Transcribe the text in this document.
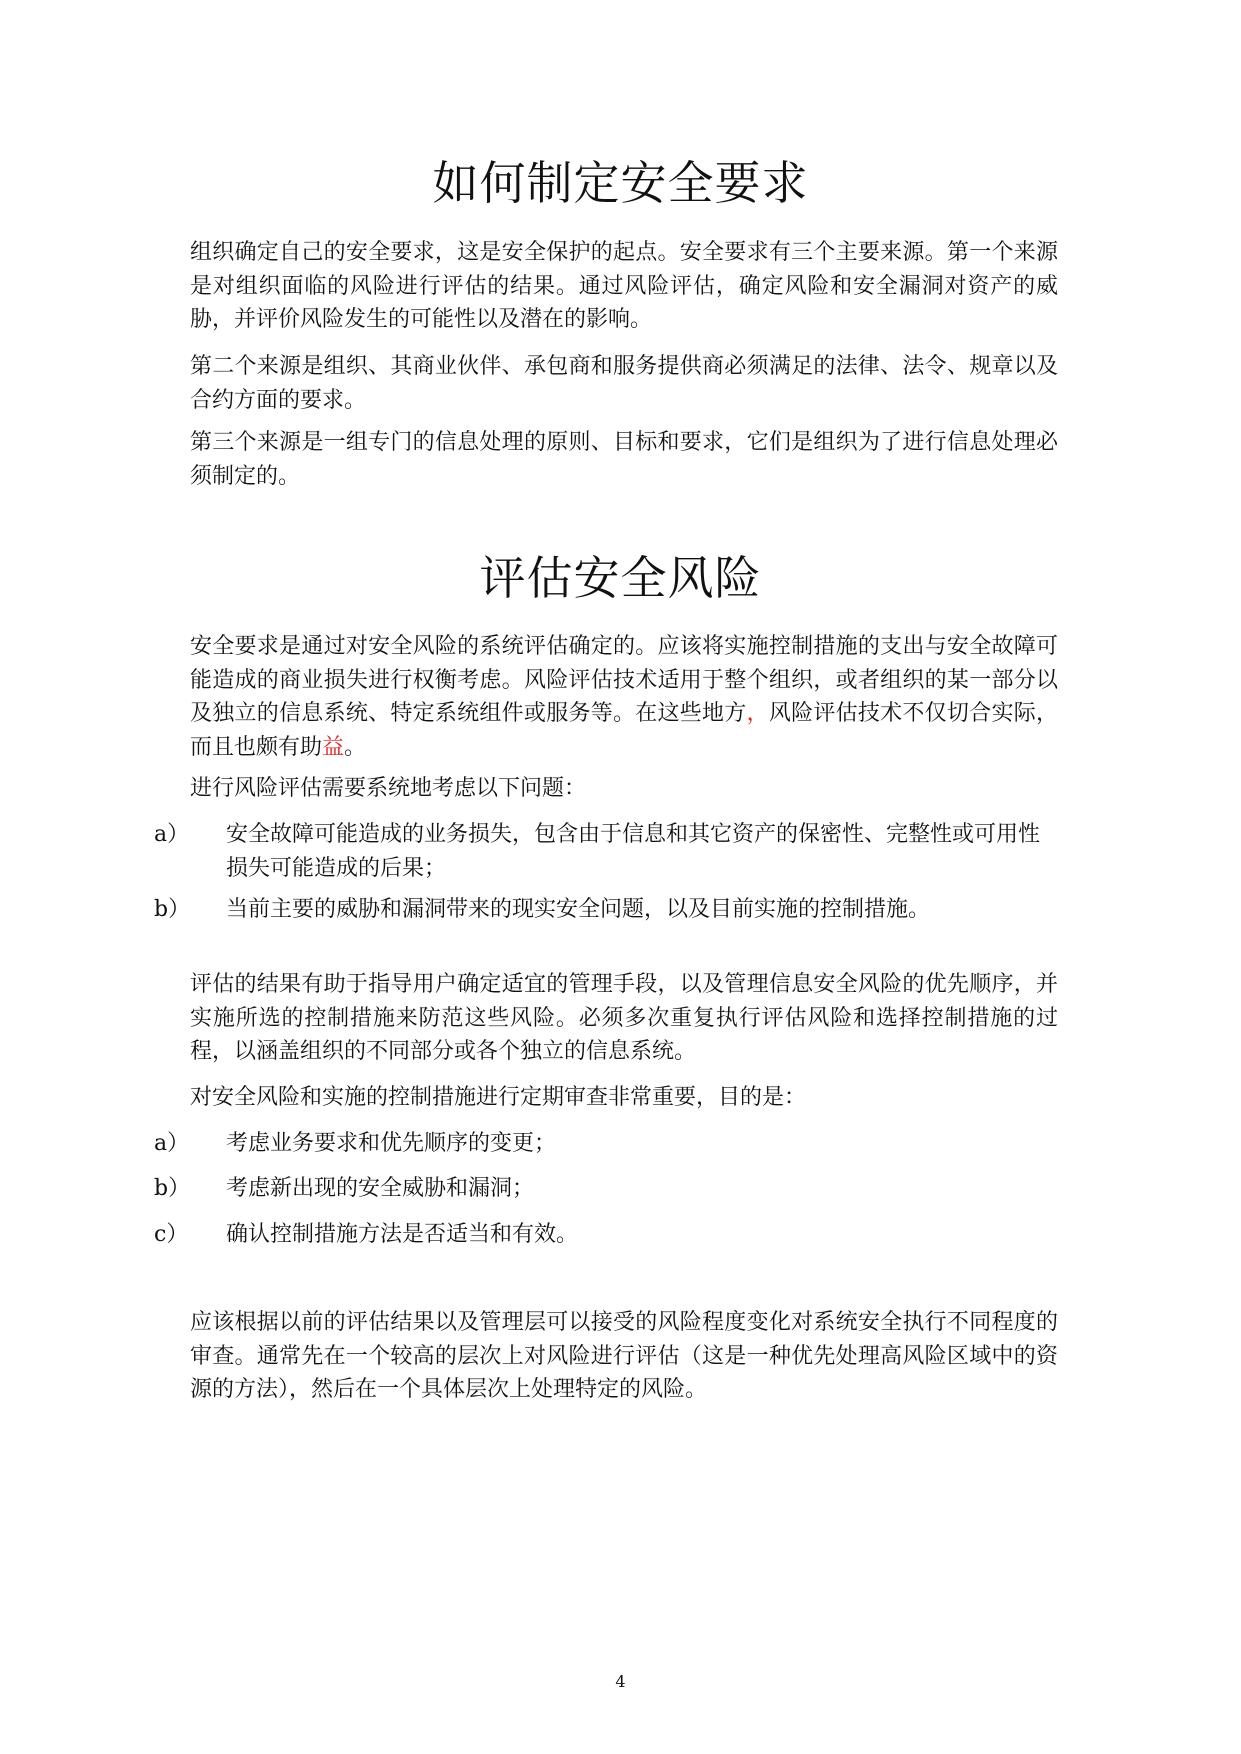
如何制定安全要求

组织确定自己的安全要求，这是安全保护的起点。安全要求有三个主要来源。第一个来源是对组织面临的风险进行评估的结果。通过风险评估，确定风险和安全漏洞对资产的威胁，并评价风险发生的可能性以及潜在的影响。

第二个来源是组织、其商业伙伴、承包商和服务提供商必须满足的法律、法令、规章以及合约方面的要求。

第三个来源是一组专门的信息处理的原则、目标和要求，它们是组织为了进行信息处理必须制定的。

评估安全风险

安全要求是通过对安全风险的系统评估确定的。应该将实施控制措施的支出与安全故障可能造成的商业损失进行权衡考虑。风险评估技术适用于整个组织，或者组织的某一部分以及独立的信息系统、特定系统组件或服务等。在这些地方，风险评估技术不仅切合实际，而且也颇有助益。

进行风险评估需要系统地考虑以下问题：

a） 安全故障可能造成的业务损失，包含由于信息和其它资产的保密性、完整性或可用性损失可能造成的后果；
b） 当前主要的威胁和漏洞带来的现实安全问题，以及目前实施的控制措施。

评估的结果有助于指导用户确定适宜的管理手段，以及管理信息安全风险的优先顺序，并实施所选的控制措施来防范这些风险。必须多次重复执行评估风险和选择控制措施的过程，以涵盖组织的不同部分或各个独立的信息系统。

对安全风险和实施的控制措施进行定期审查非常重要，目的是：

a） 考虑业务要求和优先顺序的变更；
b） 考虑新出现的安全威胁和漏洞；
c） 确认控制措施方法是否适当和有效。

应该根据以前的评估结果以及管理层可以接受的风险程度变化对系统安全执行不同程度的审查。通常先在一个较高的层次上对风险进行评估（这是一种优先处理高风险区域中的资源的方法），然后在一个具体层次上处理特定的风险。

4
